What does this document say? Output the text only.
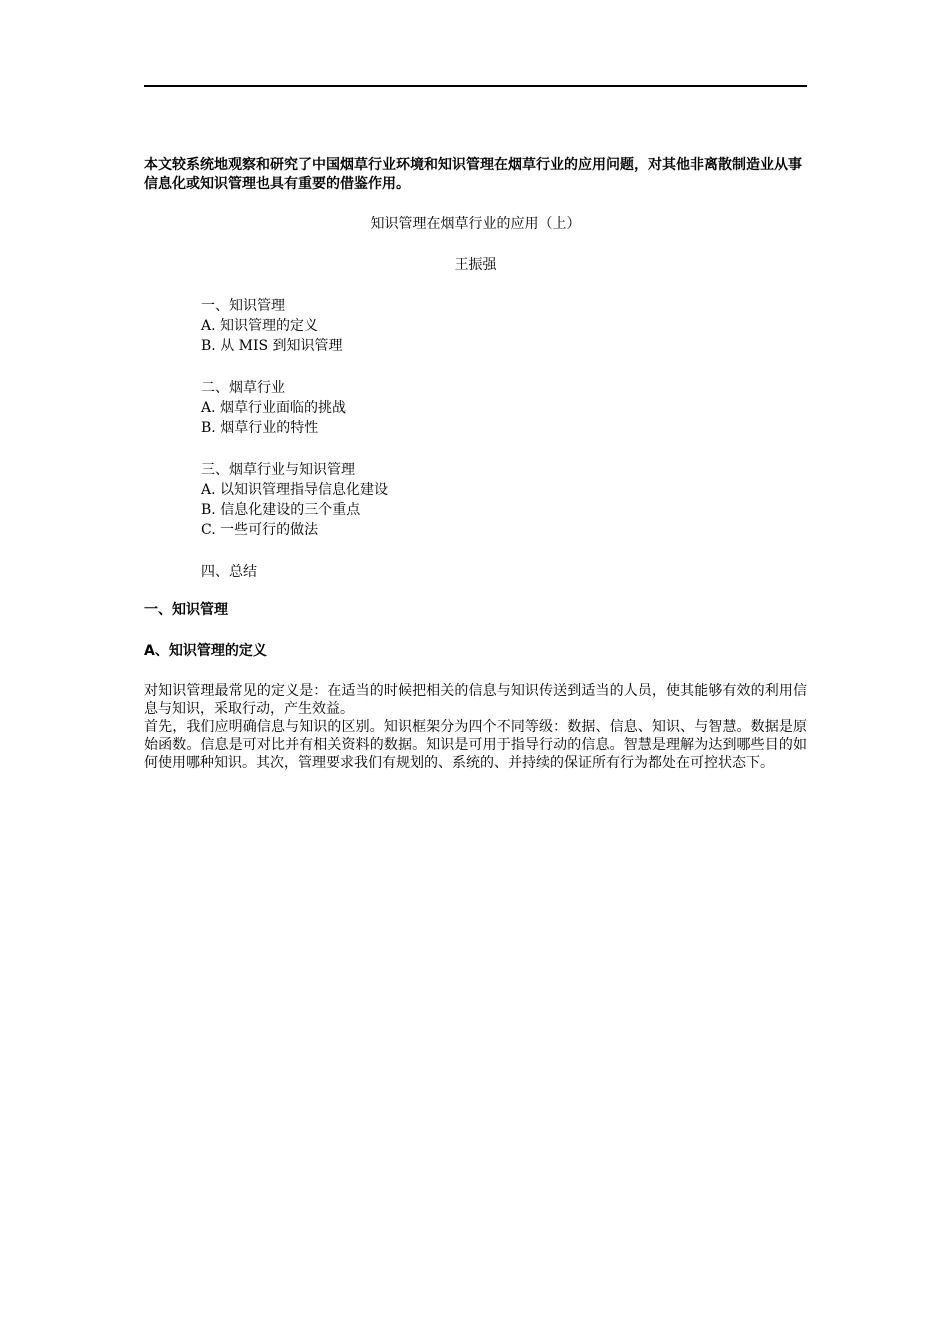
本文较系统地观察和研究了中国烟草行业环境和知识管理在烟草行业的应用问题，对其他非离散制造业从事信息化或知识管理也具有重要的借鉴作用。

知识管理在烟草行业的应用（上）

王振强

一、知识管理
A. 知识管理的定义
B. 从 MIS 到知识管理
二、烟草行业
A. 烟草行业面临的挑战
B. 烟草行业的特性
三、烟草行业与知识管理
A. 以知识管理指导信息化建设
B. 信息化建设的三个重点
C. 一些可行的做法
四、总结

一、知识管理

A、知识管理的定义

对知识管理最常见的定义是：在适当的时候把相关的信息与知识传送到适当的人员，使其能够有效的利用信息与知识，采取行动，产生效益。

首先，我们应明确信息与知识的区别。知识框架分为四个不同等级：数据、信息、知识、与智慧。数据是原始函数。信息是可对比并有相关资料的数据。知识是可用于指导行动的信息。智慧是理解为达到哪些目的如何使用哪种知识。其次，管理要求我们有规划的、系统的、并持续的保证所有行为都处在可控状态下。
